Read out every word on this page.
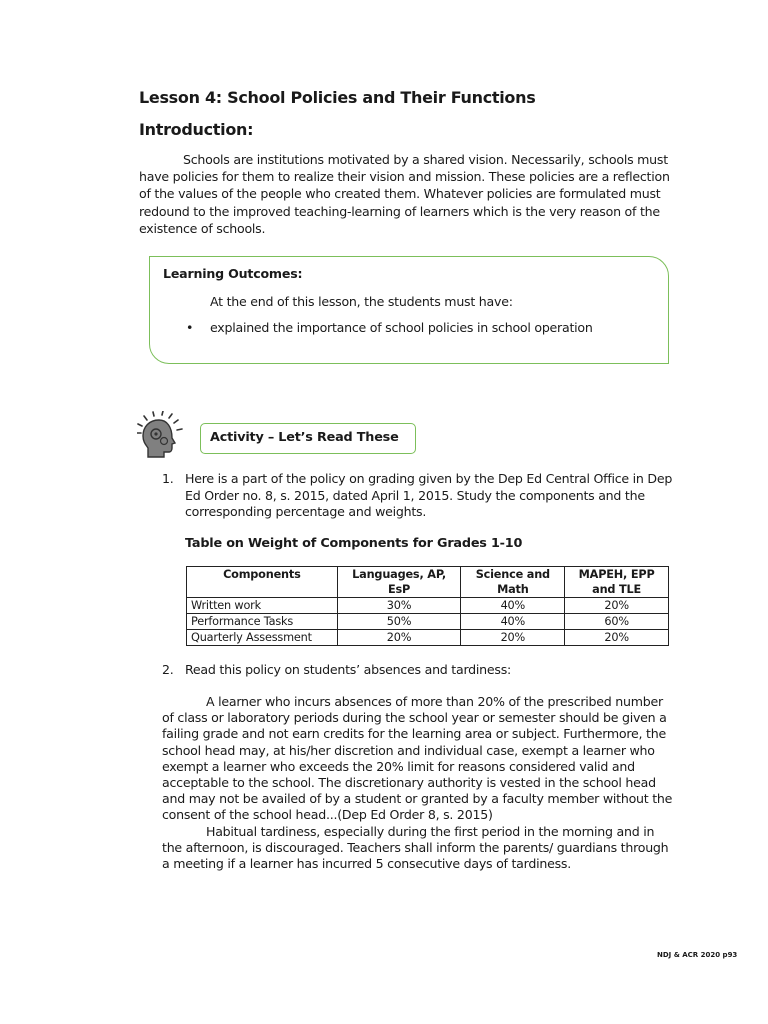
Lesson 4: School Policies and Their Functions
Introduction:

Schools are institutions motivated by a shared vision. Necessarily, schools must have policies for them to realize their vision and mission. These policies are a reflection of the values of the people who created them. Whatever policies are formulated must redound to the improved teaching-learning of learners which is the very reason of the existence of schools.

Learning Outcomes:

At the end of this lesson, the students must have:

• explained the importance of school policies in school operation

Activity – Let’s Read These

1. Here is a part of the policy on grading given by the Dep Ed Central Office in Dep Ed Order no. 8, s. 2015, dated April 1, 2015. Study the components and the corresponding percentage and weights.

Table on Weight of Components for Grades 1-10

Components	Languages, AP, EsP	Science and Math	MAPEH, EPP and TLE
Written work	30%	40%	20%
Performance Tasks	50%	40%	60%
Quarterly Assessment	20%	20%	20%

2. Read this policy on students’ absences and tardiness:

A learner who incurs absences of more than 20% of the prescribed number of class or laboratory periods during the school year or semester should be given a failing grade and not earn credits for the learning area or subject. Furthermore, the school head may, at his/her discretion and individual case, exempt a learner who exempt a learner who exceeds the 20% limit for reasons considered valid and acceptable to the school. The discretionary authority is vested in the school head and may not be availed of by a student or granted by a faculty member without the consent of the school head...(Dep Ed Order 8, s. 2015)

Habitual tardiness, especially during the first period in the morning and in the afternoon, is discouraged. Teachers shall inform the parents/ guardians through a meeting if a learner has incurred 5 consecutive days of tardiness.

NDJ & ACR 2020 p93
